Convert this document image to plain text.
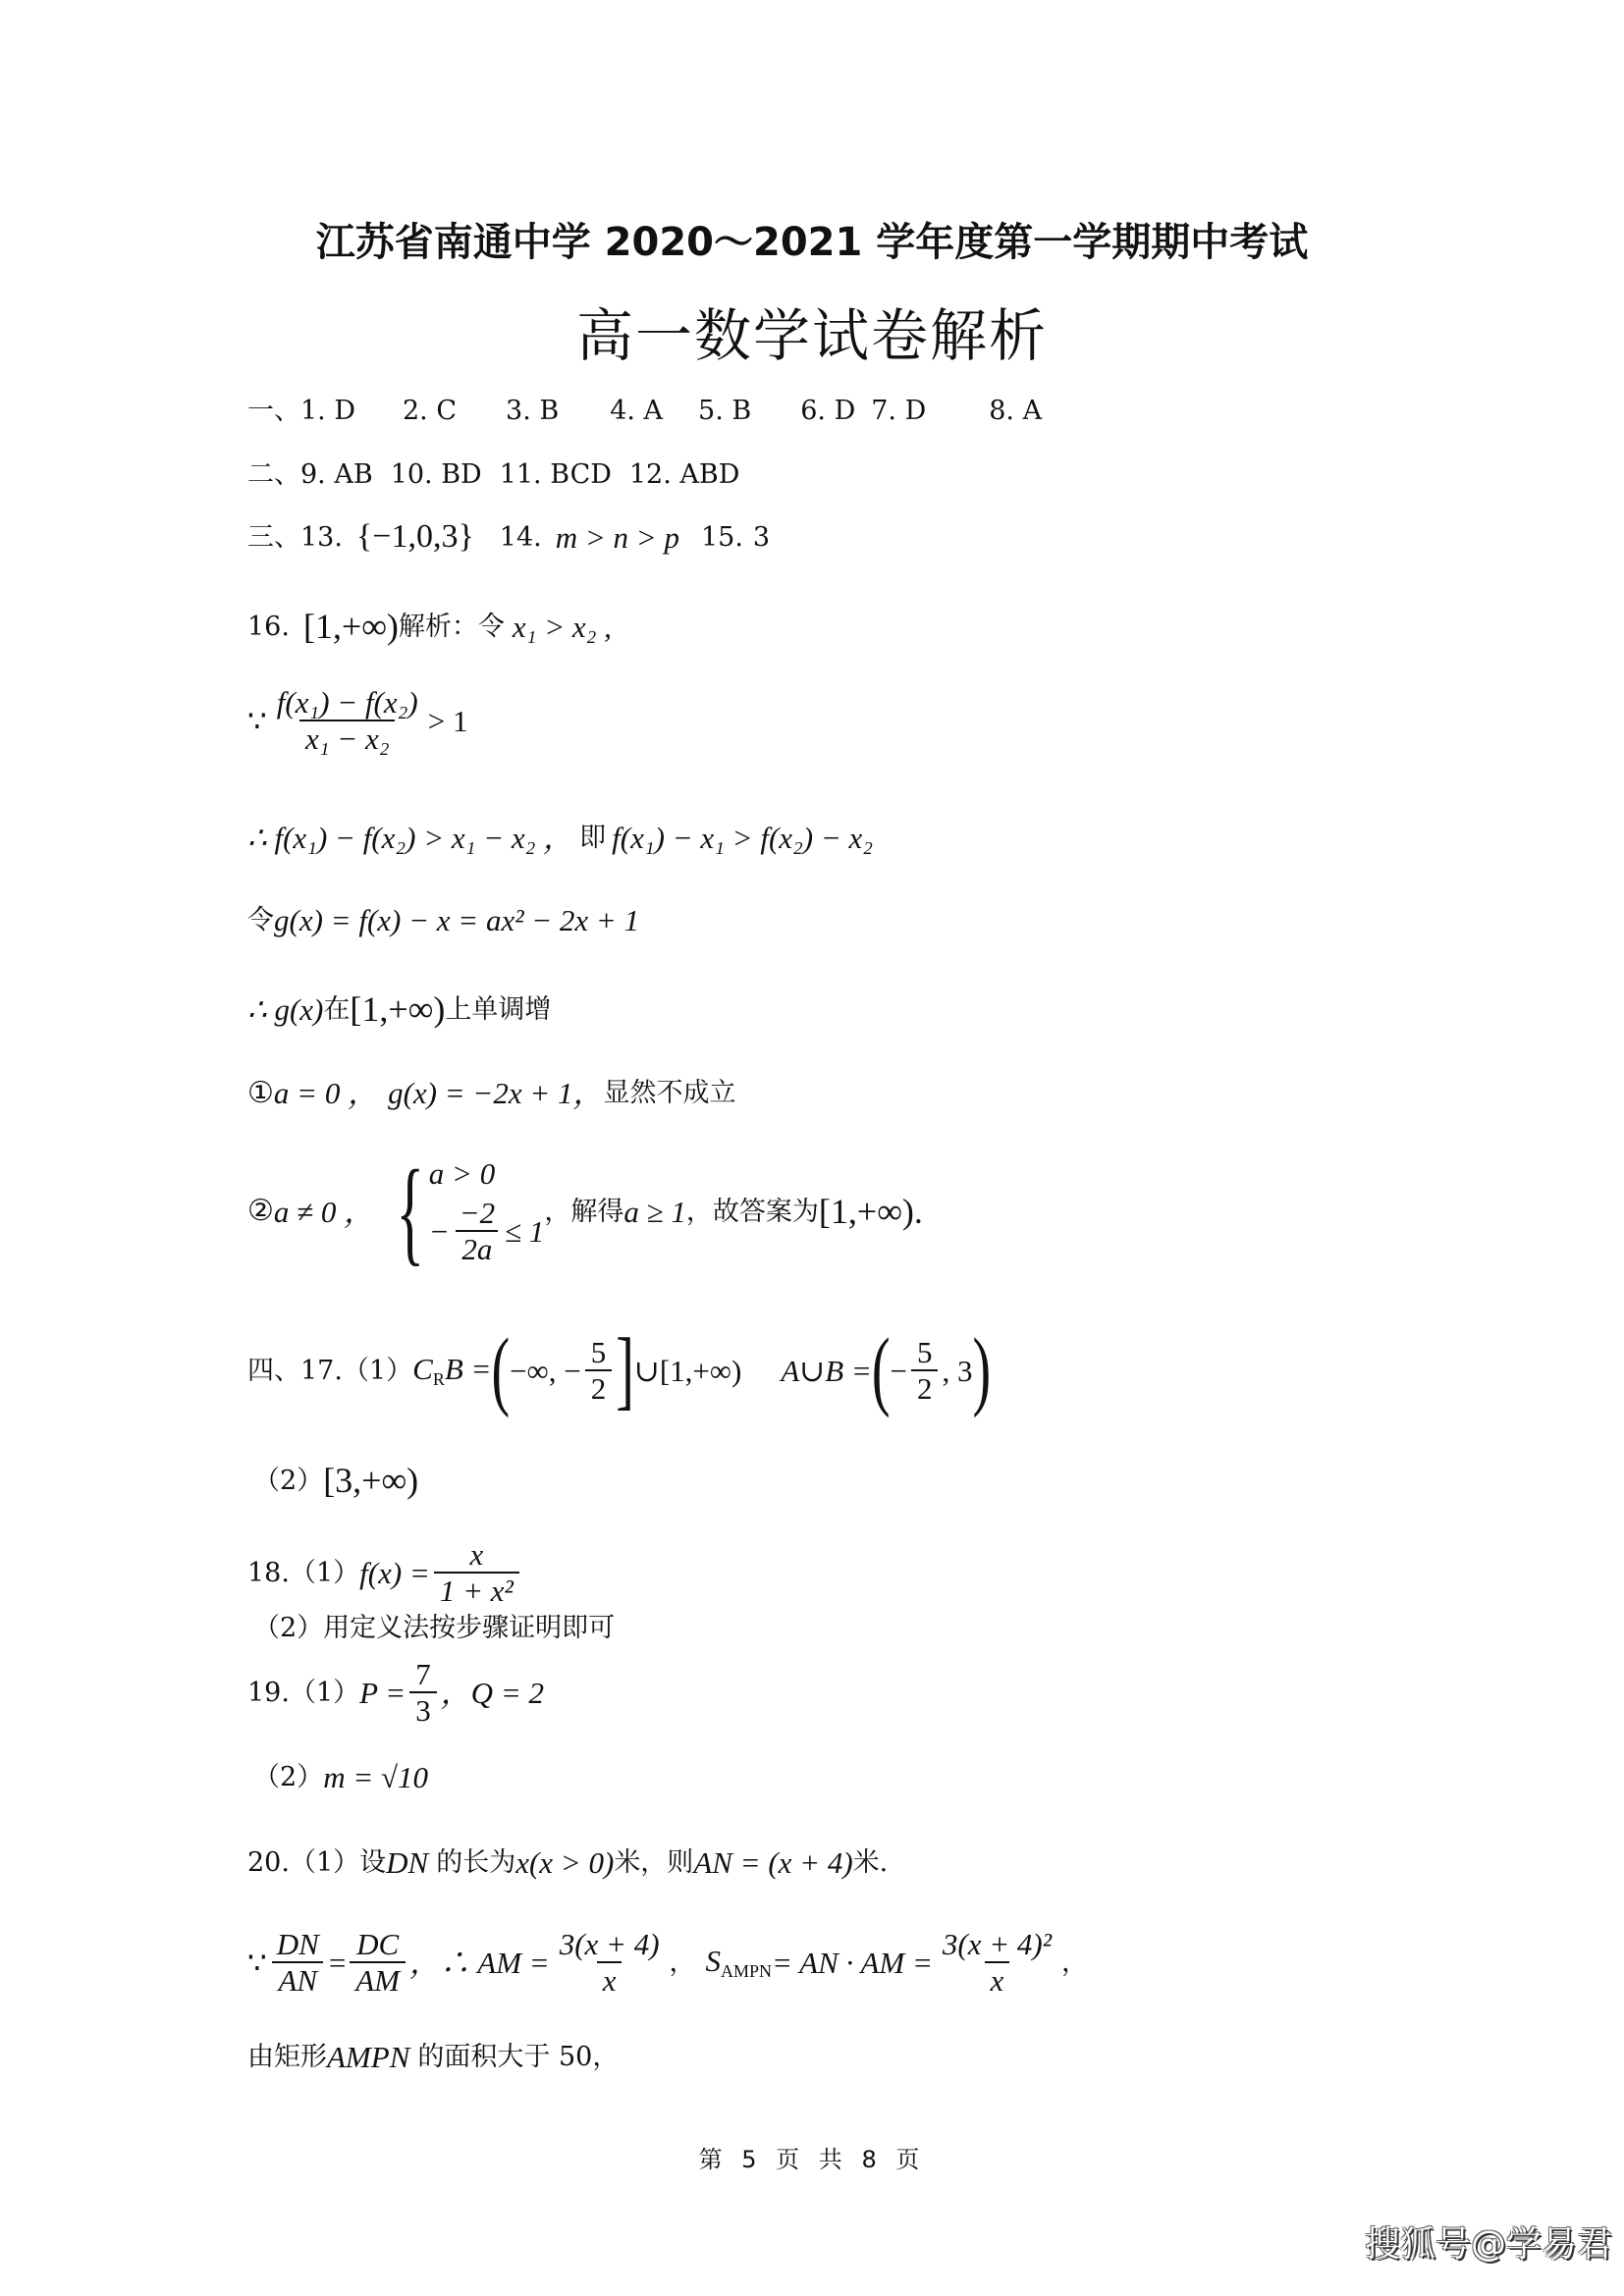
江苏省南通中学 2020～2021 学年度第一学期期中考试
高一数学试卷解析
一、 1. D 2. C 3. B 4. A 5. B 6. D 7. D 8. A
二、 9. AB 10. BD 11. BCD 12. ABD
三、 13. {−1,0,3} 14. m > n > p 15. 3
16. [1,+∞) 解析：令 x₁ > x₂ ,
∵ $\frac{\text{f(x₁) − f(x₂)}}{\text{x₁ − x₂}} > 1$
∴ f(x₁) − f(x₂) > x₁ − x₂ ， 即 f(x₁) − x₁ > f(x₂) − x₂
令 g(x) = f(x) − x = ax² − 2x + 1
∴ g(x) 在 [1,+∞) 上单调增
① a = 0 ， g(x) = −2x + 1， 显然不成立
② a ≠ 0 ， { a > 0
− $\frac{-2}{2a} \le 1$
，解得 a ≥ 1 ，故答案为 [1,+∞).
四、 17. （1） $C_RB$ = ( −∞, − $\frac{5}{2}$ ] ∪[1,+∞) A∪B = ( − $\frac{5}{2}$ , 3 )
（2） [3,+∞)
18. （1） $f(x) = \frac{x}{\text{1 + x²}}$
（2）用定义法按步骤证明即可
19. （1） $P = \frac{7}{3}$ ，Q = 2
（2） m = √10
20. （1）设 DN 的长为 x(x > 0) 米，则 AN = (x + 4) 米.
∵ $\frac{DN}{AN} = \frac{DC}{AM}$ ，∴ AM = $\frac{3(x + 4)}{x}$ ， $S_{AMPN}$ = AN · AM = $\frac{\text{3(x + 4)²}}{x}$ ，
由矩形 AMPN 的面积大于 50，
第 5 页 共 8 页
搜狐号@学易君
